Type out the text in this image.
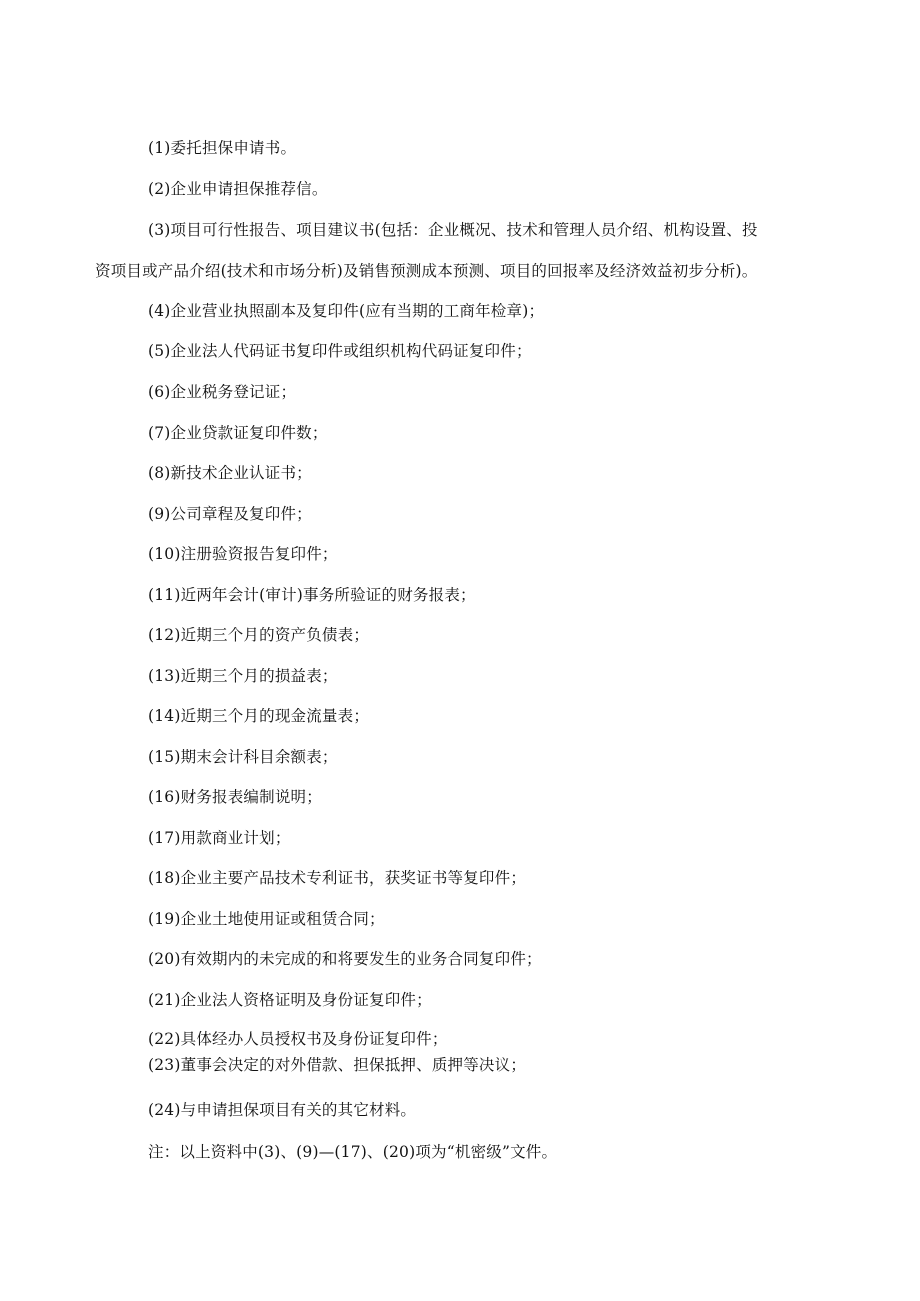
(1)委托担保申请书。
(2)企业申请担保推荐信。
(3)项目可行性报告、项目建议书(包括：企业概况、技术和管理人员介绍、机构设置、投
资项目或产品介绍(技术和市场分析)及销售预测成本预测、项目的回报率及经济效益初步分析)。
(4)企业营业执照副本及复印件(应有当期的工商年检章)；
(5)企业法人代码证书复印件或组织机构代码证复印件；
(6)企业税务登记证；
(7)企业贷款证复印件数；
(8)新技术企业认证书；
(9)公司章程及复印件；
(10)注册验资报告复印件；
(11)近两年会计(审计)事务所验证的财务报表；
(12)近期三个月的资产负债表；
(13)近期三个月的损益表；
(14)近期三个月的现金流量表；
(15)期末会计科目余额表；
(16)财务报表编制说明；
(17)用款商业计划；
(18)企业主要产品技术专利证书，获奖证书等复印件；
(19)企业土地使用证或租赁合同；
(20)有效期内的未完成的和将要发生的业务合同复印件；
(21)企业法人资格证明及身份证复印件；
(22)具体经办人员授权书及身份证复印件；
(23)董事会决定的对外借款、担保抵押、质押等决议；
(24)与申请担保项目有关的其它材料。
注：以上资料中(3)、(9)—(17)、(20)项为“机密级”文件。
